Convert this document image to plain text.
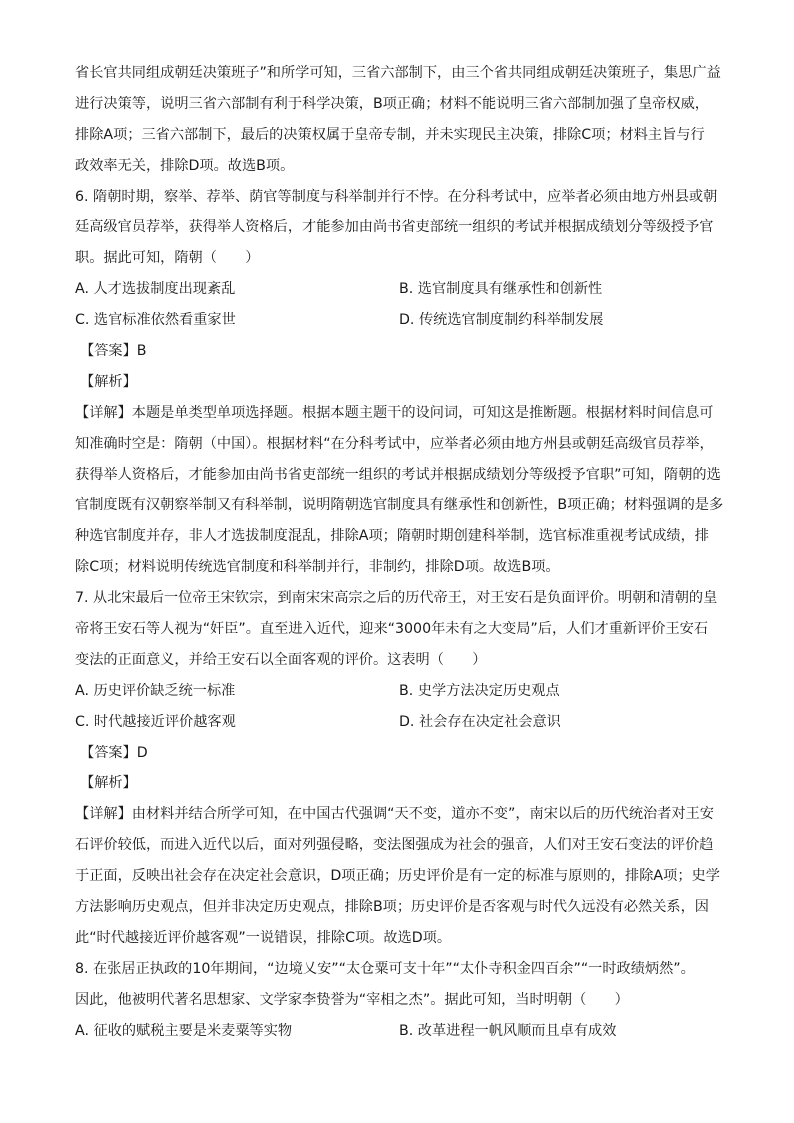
省长官共同组成朝廷决策班子”和所学可知，三省六部制下，由三个省共同组成朝廷决策班子，集思广益
进行决策等，说明三省六部制有利于科学决策，B项正确；材料不能说明三省六部制加强了皇帝权威，
排除A项；三省六部制下，最后的决策权属于皇帝专制，并未实现民主决策，排除C项；材料主旨与行
政效率无关，排除D项。故选B项。
6. 隋朝时期，察举、荐举、荫官等制度与科举制并行不悖。在分科考试中，应举者必须由地方州县或朝
廷高级官员荐举，获得举人资格后，才能参加由尚书省吏部统一组织的考试并根据成绩划分等级授予官
职。据此可知，隋朝（　　）
A. 人才选拔制度出现紊乱	B. 选官制度具有继承性和创新性
C. 选官标准依然看重家世	D. 传统选官制度制约科举制发展
【答案】B
【解析】
【详解】本题是单类型单项选择题。根据本题主题干的设问词，可知这是推断题。根据材料时间信息可
知准确时空是：隋朝（中国）。根据材料“在分科考试中，应举者必须由地方州县或朝廷高级官员荐举，
获得举人资格后，才能参加由尚书省吏部统一组织的考试并根据成绩划分等级授予官职”可知，隋朝的选
官制度既有汉朝察举制又有科举制，说明隋朝选官制度具有继承性和创新性，B项正确；材料强调的是多
种选官制度并存，非人才选拔制度混乱，排除A项；隋朝时期创建科举制，选官标准重视考试成绩，排
除C项；材料说明传统选官制度和科举制并行，非制约，排除D项。故选B项。
7. 从北宋最后一位帝王宋钦宗，到南宋宋高宗之后的历代帝王，对王安石是负面评价。明朝和清朝的皇
帝将王安石等人视为“奸臣”。直至进入近代，迎来“3000年未有之大变局”后，人们才重新评价王安石
变法的正面意义，并给王安石以全面客观的评价。这表明（　　）
A. 历史评价缺乏统一标准	B. 史学方法决定历史观点
C. 时代越接近评价越客观	D. 社会存在决定社会意识
【答案】D
【解析】
【详解】由材料并结合所学可知，在中国古代强调“天不变，道亦不变”，南宋以后的历代统治者对王安
石评价较低，而进入近代以后，面对列强侵略，变法图强成为社会的强音，人们对王安石变法的评价趋
于正面，反映出社会存在决定社会意识，D项正确；历史评价是有一定的标准与原则的，排除A项；史学
方法影响历史观点，但并非决定历史观点，排除B项；历史评价是否客观与时代久远没有必然关系，因
此“时代越接近评价越客观”一说错误，排除C项。故选D项。
8. 在张居正执政的10年期间，“边境乂安”“太仓粟可支十年”“太仆寺积金四百余”“一时政绩炳然”。
因此，他被明代著名思想家、文学家李贽誉为“宰相之杰”。据此可知，当时明朝（　　）
A. 征收的赋税主要是米麦粟等实物	B. 改革进程一帆风顺而且卓有成效
